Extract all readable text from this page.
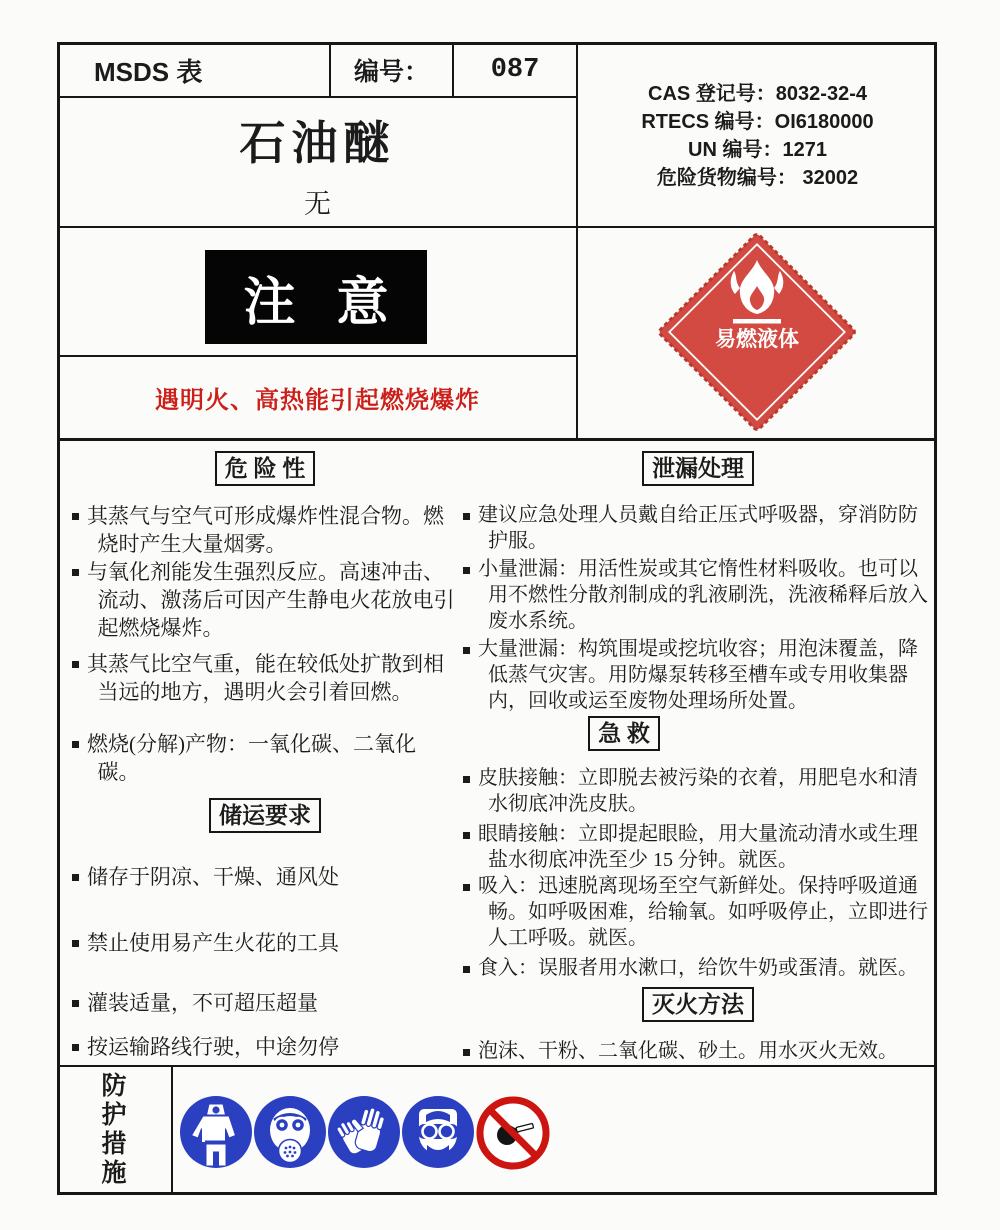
MSDS 表	编号：	087
石油醚
无
CAS 登记号：8032-32-4
RTECS 编号：OI6180000
UN 编号：1271
危险货物编号： 32002
注 意
遇明火、高热能引起燃烧爆炸
易燃液体
危 险 性
其蒸气与空气可形成爆炸性混合物。燃烧时产生大量烟雾。
与氧化剂能发生强烈反应。高速冲击、流动、激荡后可因产生静电火花放电引起燃烧爆炸。
其蒸气比空气重，能在较低处扩散到相当远的地方，遇明火会引着回燃。
燃烧(分解)产物：一氧化碳、二氧化碳。
储运要求
储存于阴凉、干燥、通风处
禁止使用易产生火花的工具
灌装适量，不可超压超量
按运输路线行驶，中途勿停
泄漏处理
建议应急处理人员戴自给正压式呼吸器，穿消防防护服。
小量泄漏：用活性炭或其它惰性材料吸收。也可以用不燃性分散剂制成的乳液刷洗，洗液稀释后放入废水系统。
大量泄漏：构筑围堤或挖坑收容；用泡沫覆盖，降低蒸气灾害。用防爆泵转移至槽车或专用收集器内，回收或运至废物处理场所处置。
急 救
皮肤接触：立即脱去被污染的衣着，用肥皂水和清水彻底冲洗皮肤。
眼睛接触：立即提起眼睑，用大量流动清水或生理盐水彻底冲洗至少 15 分钟。就医。
吸入：迅速脱离现场至空气新鲜处。保持呼吸道通畅。如呼吸困难，给输氧。如呼吸停止，立即进行人工呼吸。就医。
食入：误服者用水漱口，给饮牛奶或蛋清。就医。
灭火方法
泡沫、干粉、二氧化碳、砂土。用水灭火无效。
防护措施
